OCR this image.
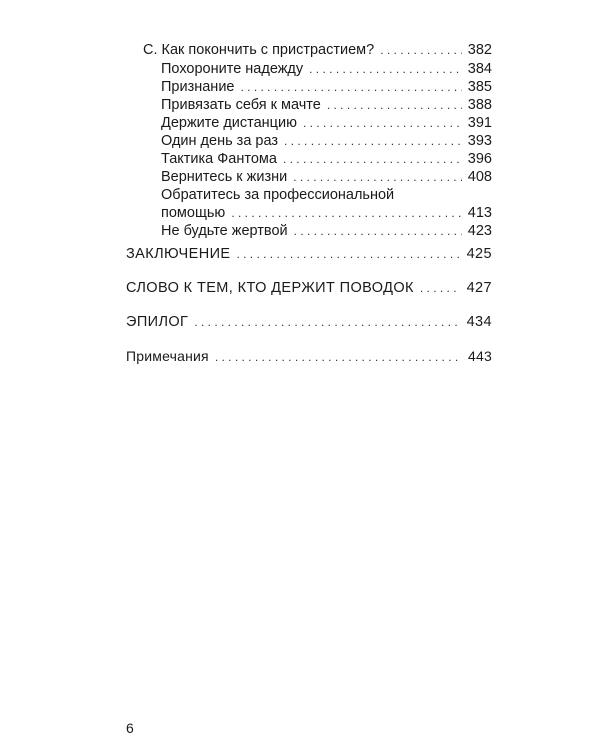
С. Как покончить с пристрастием? . . .	382
Похороните надежду . . .	384
Признание . . .	385
Привязать себя к мачте . . .	388
Держите дистанцию . . .	391
Один день за раз . . .	393
Тактика Фантома . . .	396
Вернитесь к жизни . . .	408
Обратитесь за профессиональной
помощью . . .	413
Не будьте жертвой . . .	423
ЗАКЛЮЧЕНИЕ . . .	425
СЛОВО К ТЕМ, КТО ДЕРЖИТ ПОВОДОК . . .	427
ЭПИЛОГ . . .	434
Примечания . . .	443
6
